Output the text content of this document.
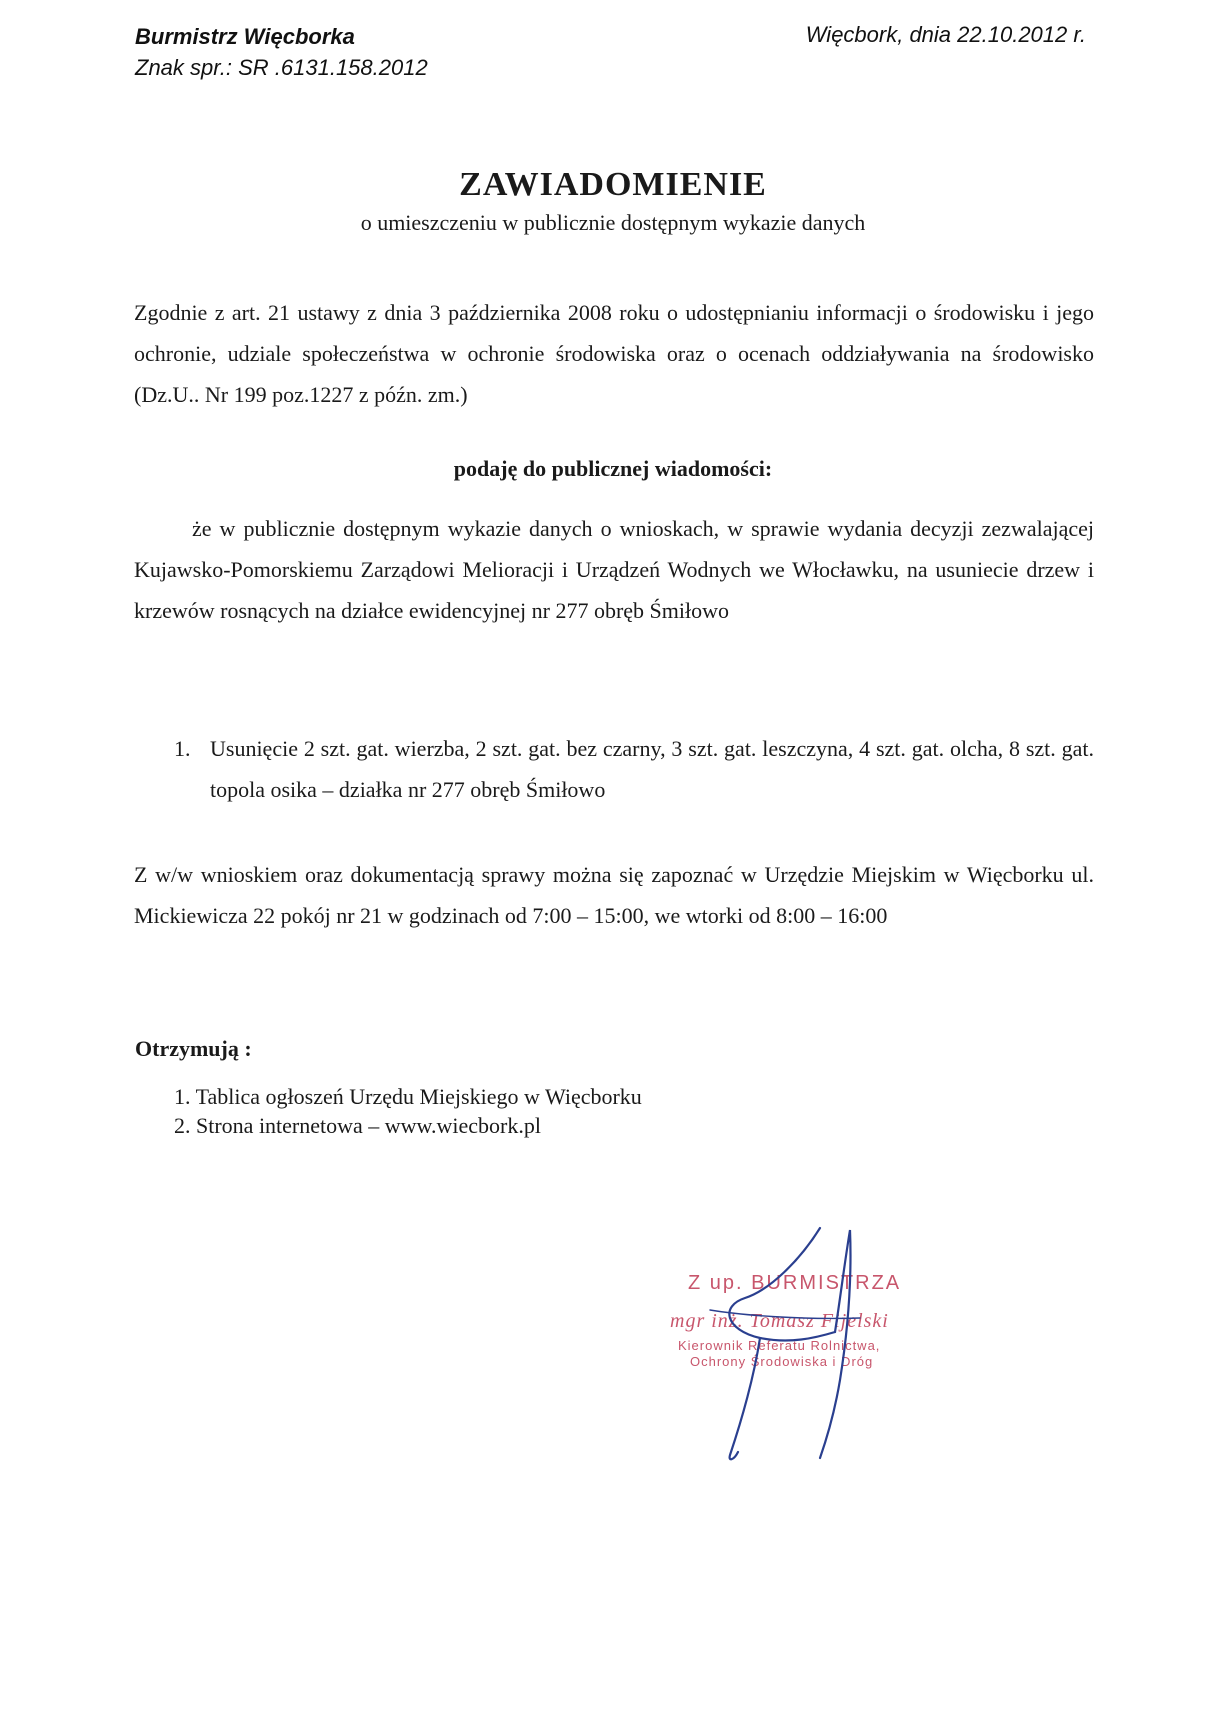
Burmistrz Więcborka
Znak spr.: SR .6131.158.2012
Więcbork, dnia 22.10.2012 r.
ZAWIADOMIENIE
o umieszczeniu w publicznie dostępnym wykazie danych
Zgodnie z art. 21 ustawy z dnia 3 października 2008 roku o udostępnianiu informacji o środowisku i jego ochronie, udziale społeczeństwa w ochronie środowiska oraz o ocenach oddziaływania na środowisko (Dz.U.. Nr 199 poz.1227 z późn. zm.)
podaję do publicznej wiadomości:
że w publicznie dostępnym wykazie danych o wnioskach, w sprawie wydania decyzji zezwalającej Kujawsko-Pomorskiemu Zarządowi Melioracji i Urządzeń Wodnych we Włocławku, na usuniecie drzew i krzewów rosnących na działce ewidencyjnej nr 277 obręb Śmiłowo
1. Usunięcie 2 szt. gat. wierzba, 2 szt. gat. bez czarny, 3 szt. gat. leszczyna, 4 szt. gat. olcha, 8 szt. gat. topola osika – działka nr 277 obręb Śmiłowo
Z w/w wnioskiem oraz dokumentacją sprawy można się zapoznać w Urzędzie Miejskim w Więcborku ul. Mickiewicza 22 pokój nr 21 w godzinach od 7:00 – 15:00, we wtorki od 8:00 – 16:00
Otrzymują :
1. Tablica ogłoszeń Urzędu Miejskiego w Więcborku
2. Strona internetowa – www.wiecbork.pl
Z up. BURMISTRZA
mgr inż. Tomasz Fijelski
Kierownik Referatu Rolnictwa,
Ochrony Środowiska i Dróg
